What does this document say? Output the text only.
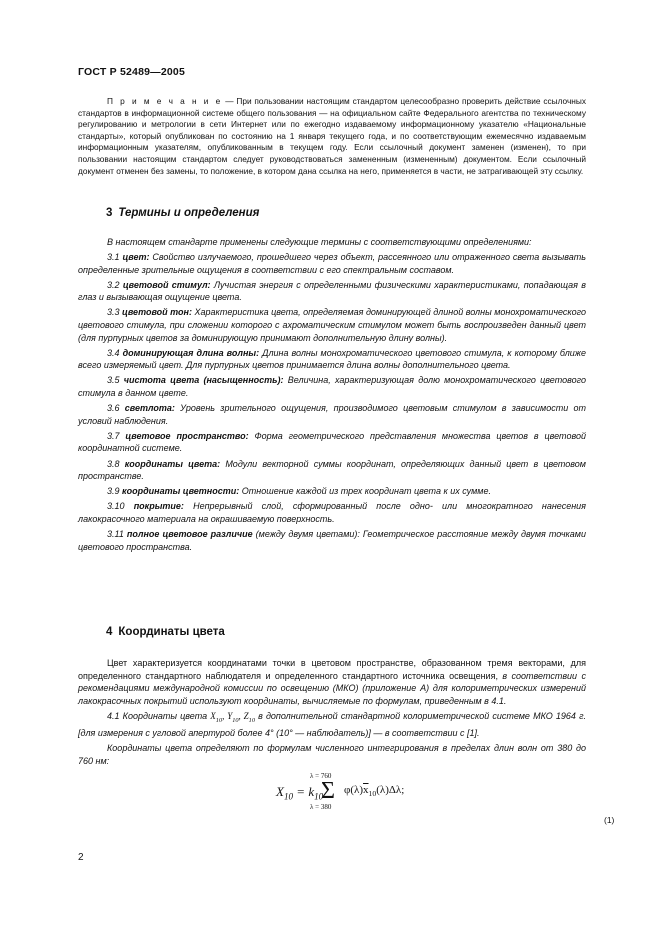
ГОСТ Р 52489—2005
П р и м е ч а н и е — При пользовании настоящим стандартом целесообразно проверить действие ссылочных стандартов в информационной системе общего пользования — на официальном сайте Федерального агентства по техническому регулированию и метрологии в сети Интернет или по ежегодно издаваемому информационному указателю «Национальные стандарты», который опубликован по состоянию на 1 января текущего года, и по соответствующим ежемесячно издаваемым информационным указателям, опубликованным в текущем году. Если ссылочный документ заменен (изменен), то при пользовании настоящим стандартом следует руководствоваться замененным (измененным) документом. Если ссылочный документ отменен без замены, то положение, в котором дана ссылка на него, применяется в части, не затрагивающей эту ссылку.
3 Термины и определения

В настоящем стандарте применены следующие термины с соответствующими определениями:

3.1 цвет: Свойство излучаемого, прошедшего через объект, рассеянного или отраженного света вызывать определенные зрительные ощущения в соответствии с его спектральным составом.

3.2 цветовой стимул: Лучистая энергия с определенными физическими характеристиками, попадающая в глаз и вызывающая ощущение цвета.

3.3 цветовой тон: Характеристика цвета, определяемая доминирующей длиной волны монохроматического цветового стимула, при сложении которого с ахроматическим стимулом может быть воспроизведен данный цвет (для пурпурных цветов за доминирующую принимают дополнительную длину волны).

3.4 доминирующая длина волны: Длина волны монохроматического цветового стимула, к которому ближе всего измеряемый цвет. Для пурпурных цветов принимается длина волны дополнительного цвета.

3.5 чистота цвета (насыщенность): Величина, характеризующая долю монохроматического цветового стимула в данном цвете.

3.6 светлота: Уровень зрительного ощущения, производимого цветовым стимулом в зависимости от условий наблюдения.

3.7 цветовое пространство: Форма геометрического представления множества цветов в цветовой координатной системе.

3.8 координаты цвета: Модули векторной суммы координат, определяющих данный цвет в цветовом пространстве.

3.9 координаты цветности: Отношение каждой из трех координат цвета к их сумме.

3.10 покрытие: Непрерывный слой, сформированный после одно- или многократного нанесения лакокрасочного материала на окрашиваемую поверхность.

3.11 полное цветовое различие (между двумя цветами): Геометрическое расстояние между двумя точками цветового пространства.

4 Координаты цвета

Цвет характеризуется координатами точки в цветовом пространстве, образованном тремя векторами, для определенного стандартного наблюдателя и определенного стандартного источника освещения, в соответствии с рекомендациями международной комиссии по освещению (МКО) (приложение А) для колориметрических измерений лакокрасочных покрытий используют координаты, вычисляемые по формулам, приведенным в 4.1.

4.1 Координаты цвета $X_{10}$, $Y_{10}$, $Z_{10}$ в дополнительной стандартной колориметрической системе МКО 1964 г. [для измерения с угловой апертурой более 4° (10° — наблюдатель)] — в соответствии с [1].

Координаты цвета определяют по формулам численного интегрирования в пределах длин волн от 380 до 760 нм:

$X_{10} = k_{10}$
λ = 760
Σ
λ = 380
$\varphi(\lambda)\overline{x}_{10}(\lambda)\Delta\lambda$;
(1)
2
